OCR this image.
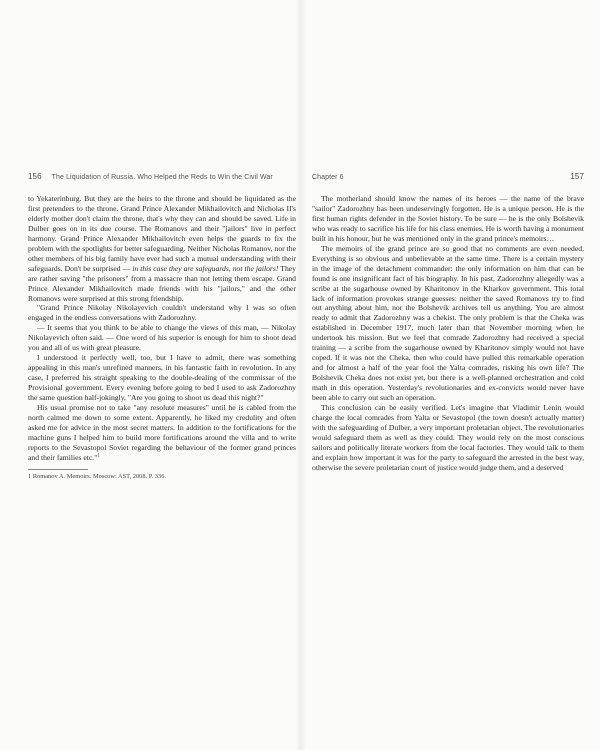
156 The Liquidation of Russia. Who Helped the Reds to Win the Civil War

to Yekaterinburg. But they are the heirs to the throne and should be liquidated as the first pretenders to the throne. Grand Prince Alexander Mikhailovitch and Nicholas II's elderly mother don't claim the throne, that's why they can and should be saved. Life in Dulber goes on in its due course. The Romanovs and their "jailors" live in perfect harmony. Grand Prince Alexander Mikhailovitch even helps the guards to fix the problem with the spotlights for better safeguarding. Neither Nicholas Romanov, nor the other members of his big family have ever had such a mutual understanding with their safeguards. Don't be surprised — in this case they are safeguards, not the jailors! They are rather saving "the prisoners" from a massacre than not letting them escape. Grand Prince Alexander Mikhailovitch made friends with his "jailors," and the other Romanovs were surprised at this strong friendship.

"Grand Prince Nikolay Nikolayevich couldn't understand why I was so often engaged in the endless conversations with Zadorozhny.

— It seems that you think to be able to change the views of this man, — Nikolay Nikolayevich often said. — One word of his superior is enough for him to shoot dead you and all of us with great pleasure.

I understood it perfectly well, too, but I have to admit, there was something appealing in this man's unrefined manners, in his fantastic faith in revolution. In any case, I preferred his straight speaking to the double-dealing of the commissar of the Provisional government. Every evening before going to bed I used to ask Zadorozhny the same question half-jokingly, "Are you going to shoot us dead this night?"

His usual promise not to take "any resolute measures" until he is cabled from the north calmed me down to some extent. Apparently, he liked my credulity and often asked me for advice in the most secret matters. In addition to the fortifications for the machine guns I helped him to build more fortifications around the villa and to write reports to the Sevastopol Soviet regarding the behaviour of the former grand princes and their families etc."$^1$

1 Romanov A. Memoirs. Moscow: AST, 2008. P. 336.
Chapter 6	157

The motherland should know the names of its heroes — the name of the brave "sailor" Zadorozhny has been undeservingly forgotten. He is a unique person. He is the first human rights defender in the Soviet history. To be sure — he is the only Bolshevik who was ready to sacrifice his life for his class enemies. He is worth having a monument built in his honour, but he was mentioned only in the grand prince's memoirs…

The memoirs of the grand prince are so good that no comments are even needed. Everything is so obvious and unbelievable at the same time. There is a certain mystery in the image of the detachment commander: the only information on him that can be found is one insignificant fact of his biography. In his past, Zadorozhny allegedly was a scribe at the sugarhouse owned by Kharitonov in the Kharkov government. This total lack of information provokes strange guesses: neither the saved Romanovs try to find out anything about him, nor the Bolshevik archives tell us anything. You are almost ready to admit that Zadorozhny was a chekist. The only problem is that the Cheka was established in December 1917, much later than that November morning when he undertook his mission. But we feel that comrade Zadorozhny had received a special training — a scribe from the sugarhouse owned by Kharitonov simply would not have coped. If it was not the Cheka, then who could have pulled this remarkable operation and for almost a half of the year fool the Yalta comrades, risking his own life? The Bolshevik Cheka does not exist yet, but there is a well-planned orchestration and cold math in this operation. Yesterday's revolutionaries and ex-convicts would never have been able to carry out such an operation.

This conclusion can be easily verified. Let's imagine that Vladimir Lenin would charge the local comrades from Yalta or Sevastopol (the town doesn't actually matter) with the safeguarding of Dulber, a very important proletarian object. The revolutionaries would safeguard them as well as they could. They would rely on the most conscious sailors and politically literate workers from the local factories. They would talk to them and explain how important it was for the party to safeguard the arrested in the best way, otherwise the severe proletarian court of justice would judge them, and a deserved
